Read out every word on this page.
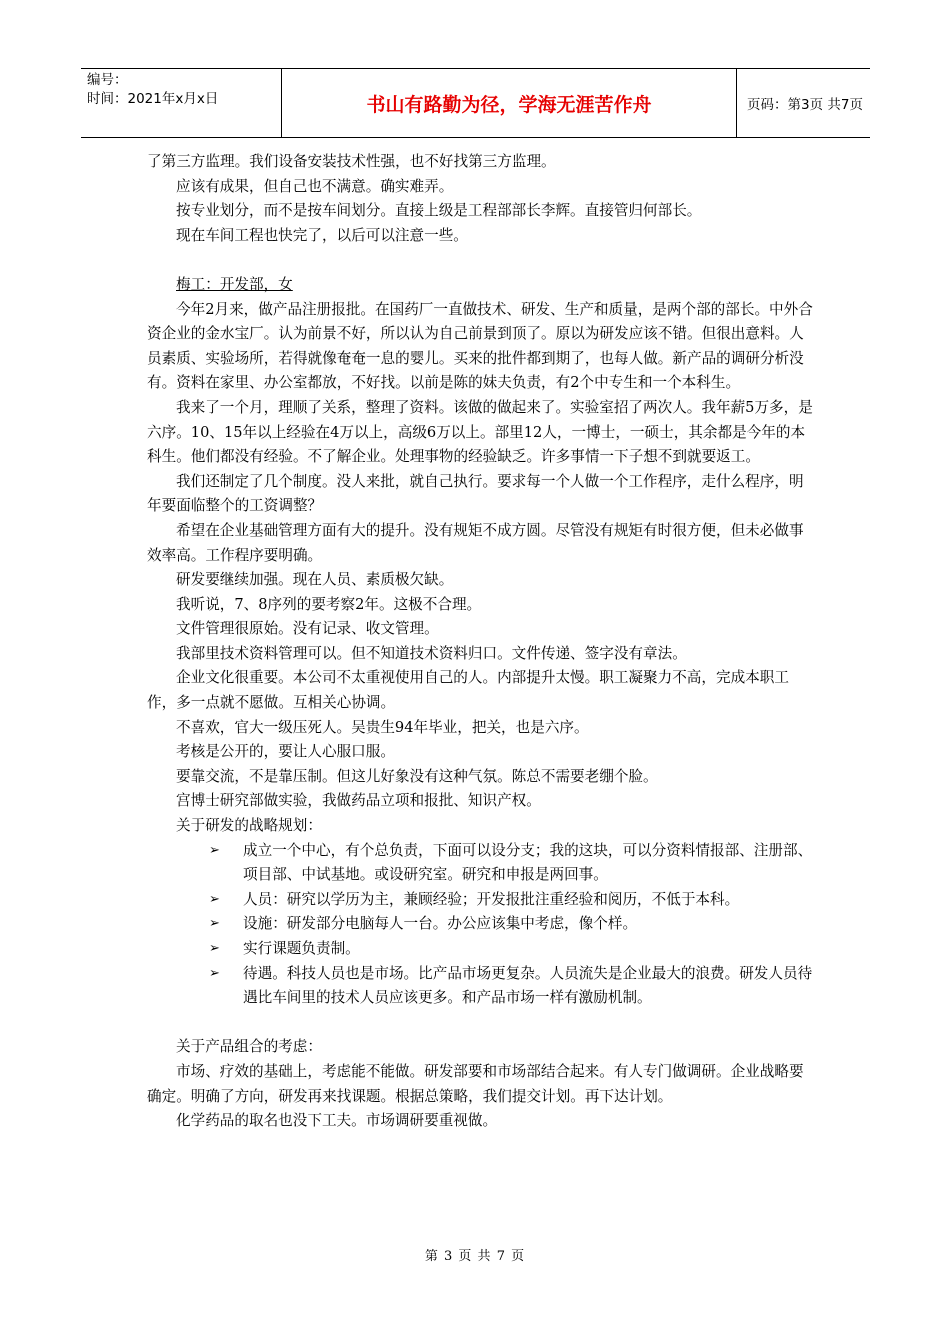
编号：
时间：2021年x月x日	书山有路勤为径，学海无涯苦作舟	页码：第3页 共7页

了第三方监理。我们设备安装技术性强，也不好找第三方监理。

应该有成果，但自己也不满意。确实难弄。

按专业划分，而不是按车间划分。直接上级是工程部部长李辉。直接管归何部长。

现在车间工程也快完了，以后可以注意一些。

梅工：开发部，女

今年2月来，做产品注册报批。在国药厂一直做技术、研发、生产和质量，是两个部的部长。中外合资企业的金水宝厂。认为前景不好，所以认为自己前景到顶了。原以为研发应该不错。但很出意料。人员素质、实验场所，若得就像奄奄一息的婴儿。买来的批件都到期了，也每人做。新产品的调研分析没有。资料在家里、办公室都放，不好找。以前是陈的妹夫负责，有2个中专生和一个本科生。

我来了一个月，理顺了关系，整理了资料。该做的做起来了。实验室招了两次人。我年薪5万多，是六序。10、15年以上经验在4万以上，高级6万以上。部里12人，一博士，一硕士，其余都是今年的本科生。他们都没有经验。不了解企业。处理事物的经验缺乏。许多事情一下子想不到就要返工。

我们还制定了几个制度。没人来批，就自己执行。要求每一个人做一个工作程序，走什么程序，明年要面临整个的工资调整？

希望在企业基础管理方面有大的提升。没有规矩不成方圆。尽管没有规矩有时很方便，但未必做事效率高。工作程序要明确。

研发要继续加强。现在人员、素质极欠缺。

我听说，7、8序列的要考察2年。这极不合理。

文件管理很原始。没有记录、收文管理。

我部里技术资料管理可以。但不知道技术资料归口。文件传递、签字没有章法。

企业文化很重要。本公司不太重视使用自己的人。内部提升太慢。职工凝聚力不高，完成本职工作，多一点就不愿做。互相关心协调。

不喜欢，官大一级压死人。吴贵生94年毕业，把关，也是六序。

考核是公开的，要让人心服口服。

要靠交流，不是靠压制。但这儿好象没有这种气氛。陈总不需要老绷个脸。

宫博士研究部做实验，我做药品立项和报批、知识产权。

关于研发的战略规划：

➢ 成立一个中心，有个总负责，下面可以设分支；我的这块，可以分资料情报部、注册部、项目部、中试基地。或设研究室。研究和申报是两回事。
➢ 人员：研究以学历为主，兼顾经验；开发报批注重经验和阅历，不低于本科。
➢ 设施：研发部分电脑每人一台。办公应该集中考虑，像个样。
➢ 实行课题负责制。
➢ 待遇。科技人员也是市场。比产品市场更复杂。人员流失是企业最大的浪费。研发人员待遇比车间里的技术人员应该更多。和产品市场一样有激励机制。

关于产品组合的考虑：

市场、疗效的基础上，考虑能不能做。研发部要和市场部结合起来。有人专门做调研。企业战略要确定。明确了方向，研发再来找课题。根据总策略，我们提交计划。再下达计划。

化学药品的取名也没下工夫。市场调研要重视做。

第 3 页 共 7 页
